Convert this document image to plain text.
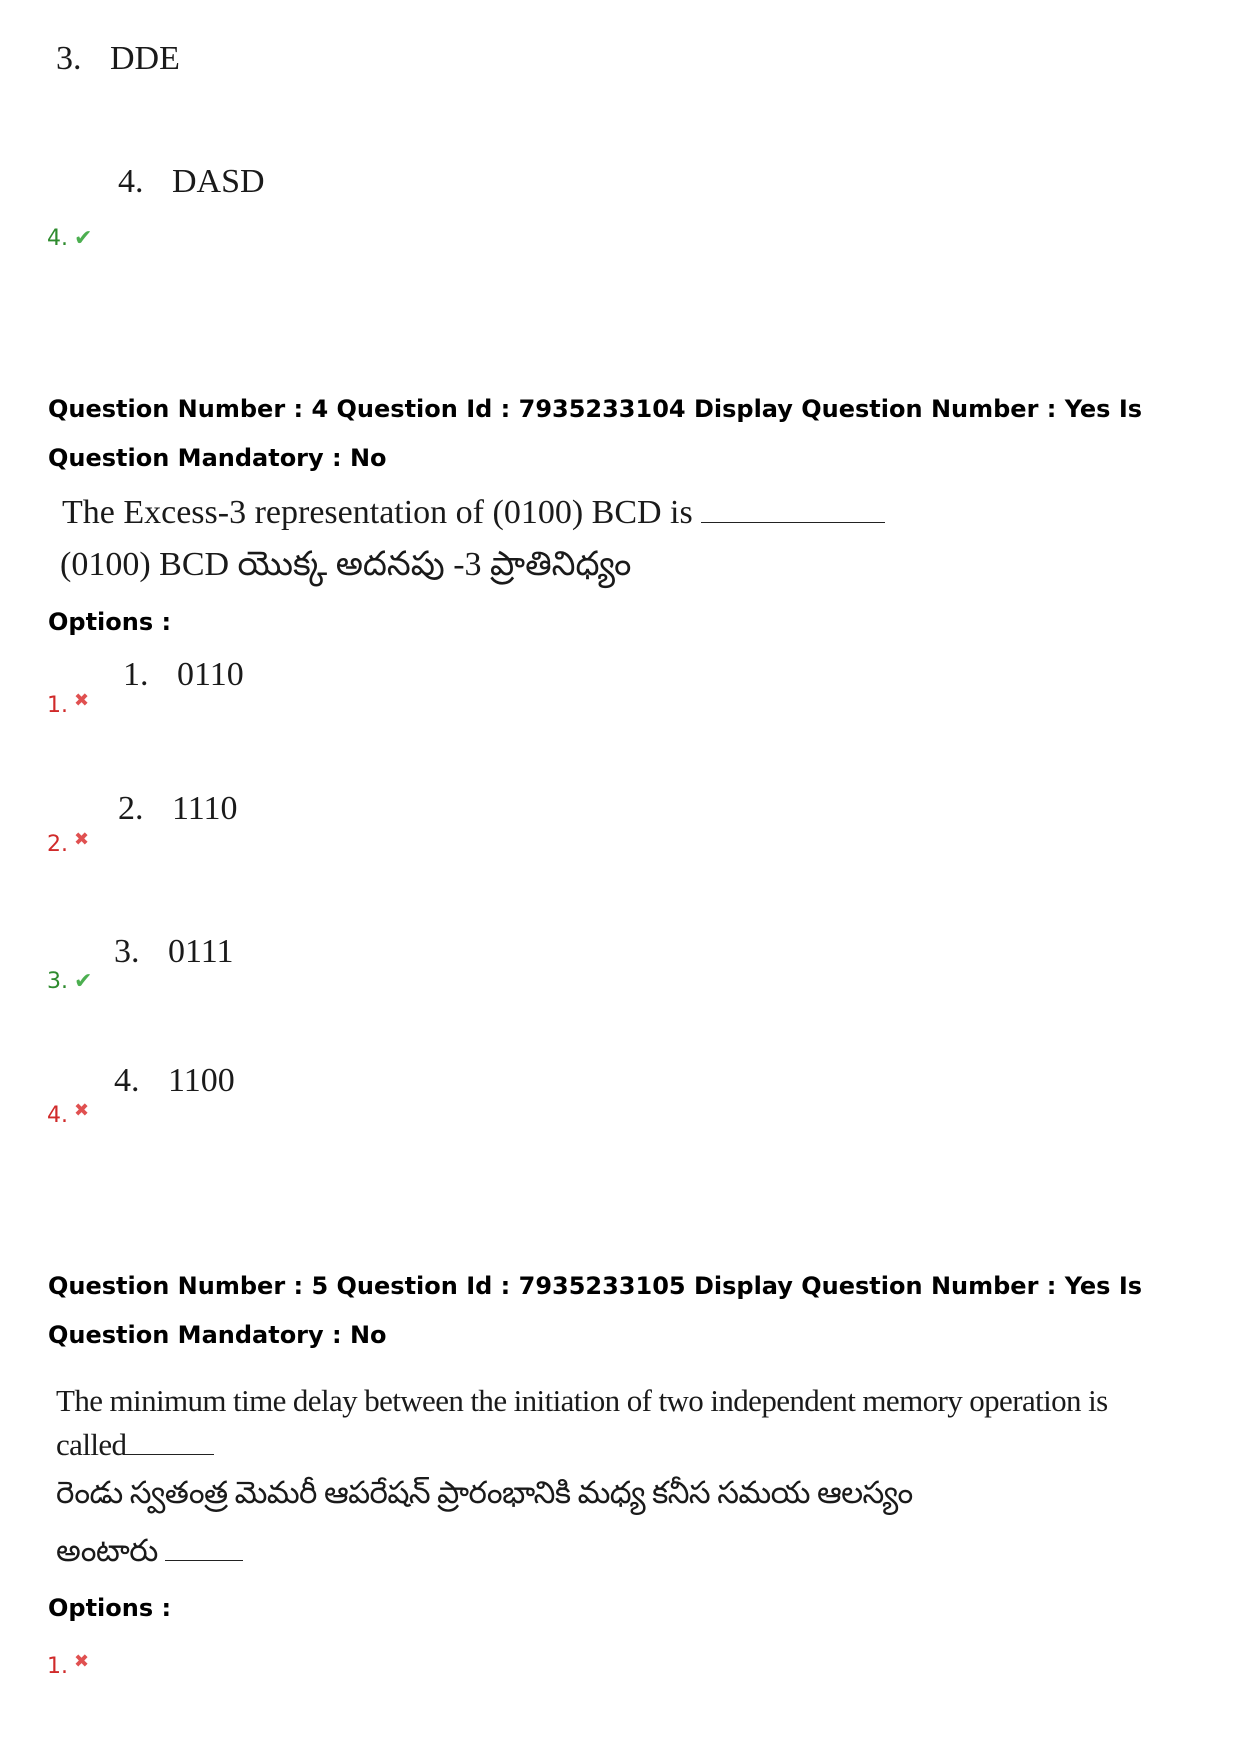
3. DDE
4. DASD
4. ✔
Question Number : 4 Question Id : 7935233104 Display Question Number : Yes Is Question Mandatory : No
The Excess-3 representation of (0100) BCD is
(0100) BCD యొక్క అదనపు -3 ప్రాతినిధ్యం
Options :
1. 0110
1. ✖
2. 1110
2. ✖
3. 0111
3. ✔
4. 1100
4. ✖
Question Number : 5 Question Id : 7935233105 Display Question Number : Yes Is Question Mandatory : No
The minimum time delay between the initiation of two independent memory operation is
called
రెండు స్వతంత్ర మెమరీ ఆపరేషన్ ప్రారంభానికి మధ్య కనీస సమయ ఆలస్యం
అంటారు
Options :
1. ✖
